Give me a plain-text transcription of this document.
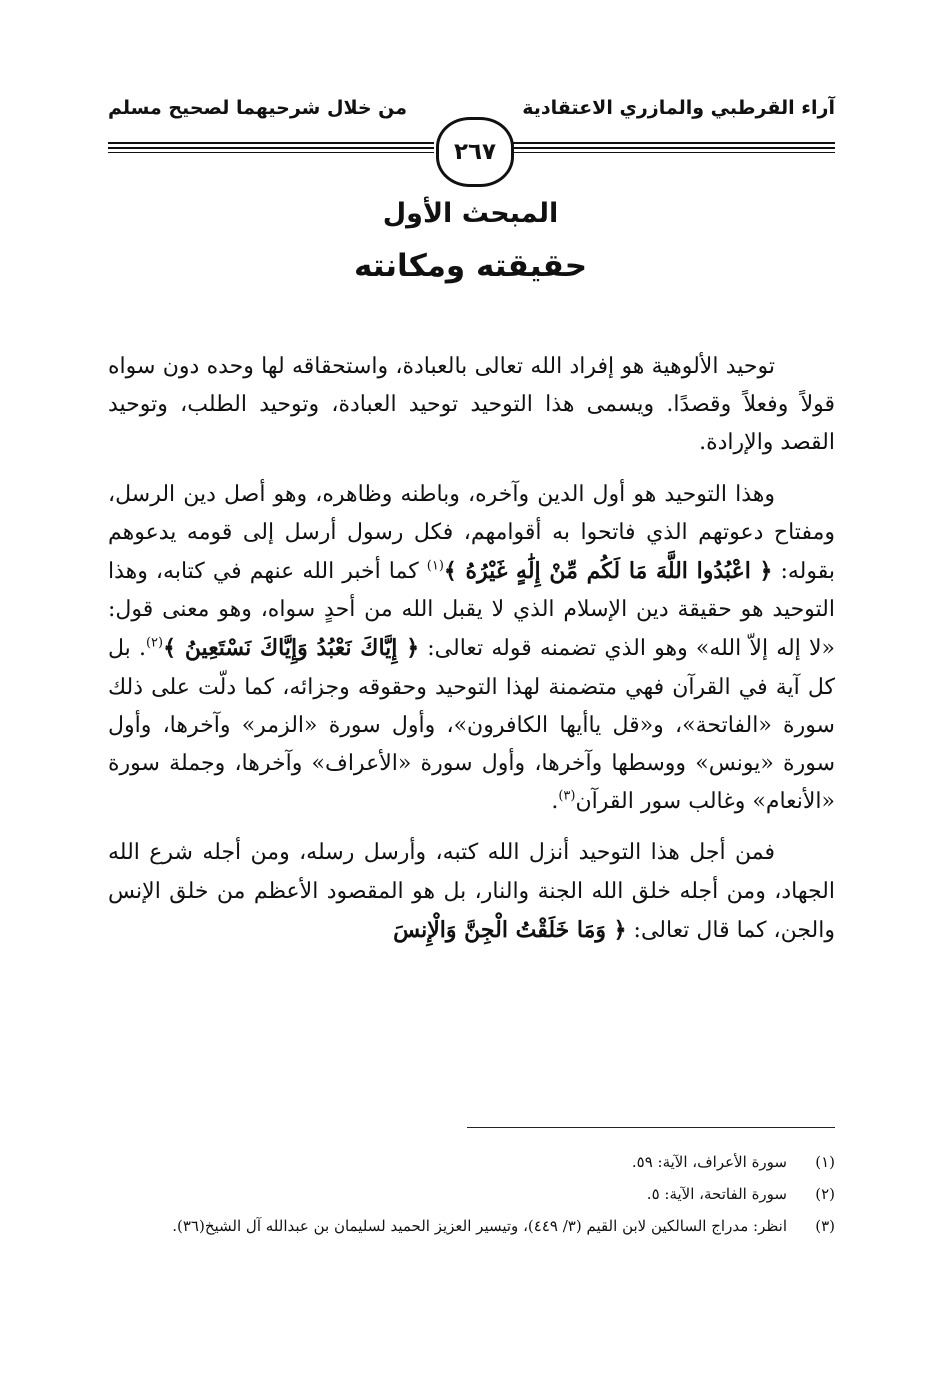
آراء القرطبي والمازري الاعتقادية
من خلال شرحيهما لصحيح مسلم
٢٦٧
المبحث الأول
حقيقته ومكانته

توحيد الألوهية هو إفراد الله تعالى بالعبادة، واستحقاقه لها وحده دون سواه قولاً وفعلاً وقصدًا. ويسمى هذا التوحيد توحيد العبادة، وتوحيد الطلب، وتوحيد القصد والإرادة.

وهذا التوحيد هو أول الدين وآخره، وباطنه وظاهره، وهو أصل دين الرسل، ومفتاح دعوتهم الذي فاتحوا به أقوامهم، فكل رسول أرسل إلى قومه يدعوهم بقوله: ﴿ اعْبُدُوا اللَّهَ مَا لَكُم مِّنْ إِلَٰهٍ غَيْرُهُ ﴾$^{(١)}$ كما أخبر الله عنهم في كتابه، وهذا التوحيد هو حقيقة دين الإسلام الذي لا يقبل الله من أحدٍ سواه، وهو معنى قول: «لا إله إلاّ الله» وهو الذي تضمنه قوله تعالى: ﴿ إِيَّاكَ نَعْبُدُ وَإِيَّاكَ نَسْتَعِينُ ﴾$^{(٢)}$. بل كل آية في القرآن فهي متضمنة لهذا التوحيد وحقوقه وجزائه، كما دلّت على ذلك سورة «الفاتحة»، و«قل ياأيها الكافرون»، وأول سورة «الزمر» وآخرها، وأول سورة «يونس» ووسطها وآخرها، وأول سورة «الأعراف» وآخرها، وجملة سورة «الأنعام» وغالب سور القرآن$^{(٣)}$.

فمن أجل هذا التوحيد أنزل الله كتبه، وأرسل رسله، ومن أجله شرع الله الجهاد، ومن أجله خلق الله الجنة والنار، بل هو المقصود الأعظم من خلق الإنس والجن، كما قال تعالى: ﴿ وَمَا خَلَقْتُ الْجِنَّ وَالْإِنسَ

(١)
سورة الأعراف، الآية: ٥٩.
(٢)
سورة الفاتحة، الآية: ٥.
(٣)
انظر: مدراج السالكين لابن القيم (٣/ ٤٤٩)، وتيسير العزيز الحميد لسليمان بن عبدالله آل الشيخ(٣٦).
